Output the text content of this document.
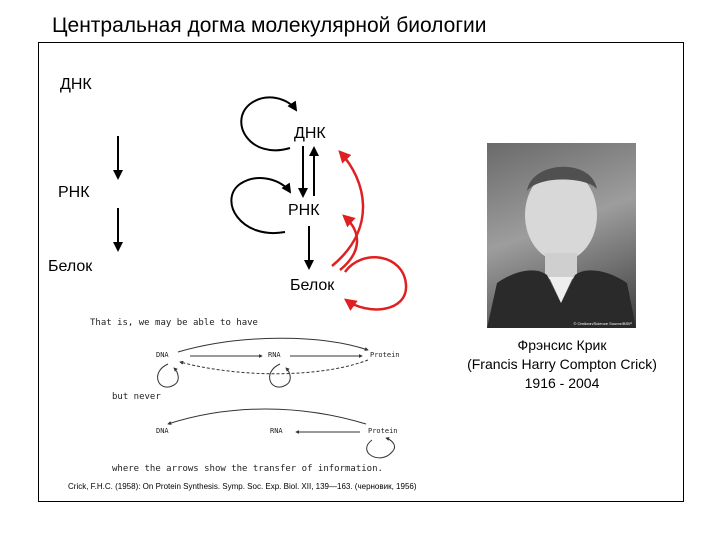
Центральная догма молекулярной биологии
ДНК
РНК
Белок
ДНК
РНК
Белок
© Omikron/Science Source/BSIP
Фрэнсис Крик
(Francis Harry Compton Crick)
1916 - 2004
That is, we may be able to have
DNA	RNA	Protein
but never
DNA	RNA	Protein
where the arrows show the transfer of information.
Crick, F.H.C. (1958): On Protein Synthesis. Symp. Soc. Exp. Biol. XII, 139—163. (черновик, 1956)
